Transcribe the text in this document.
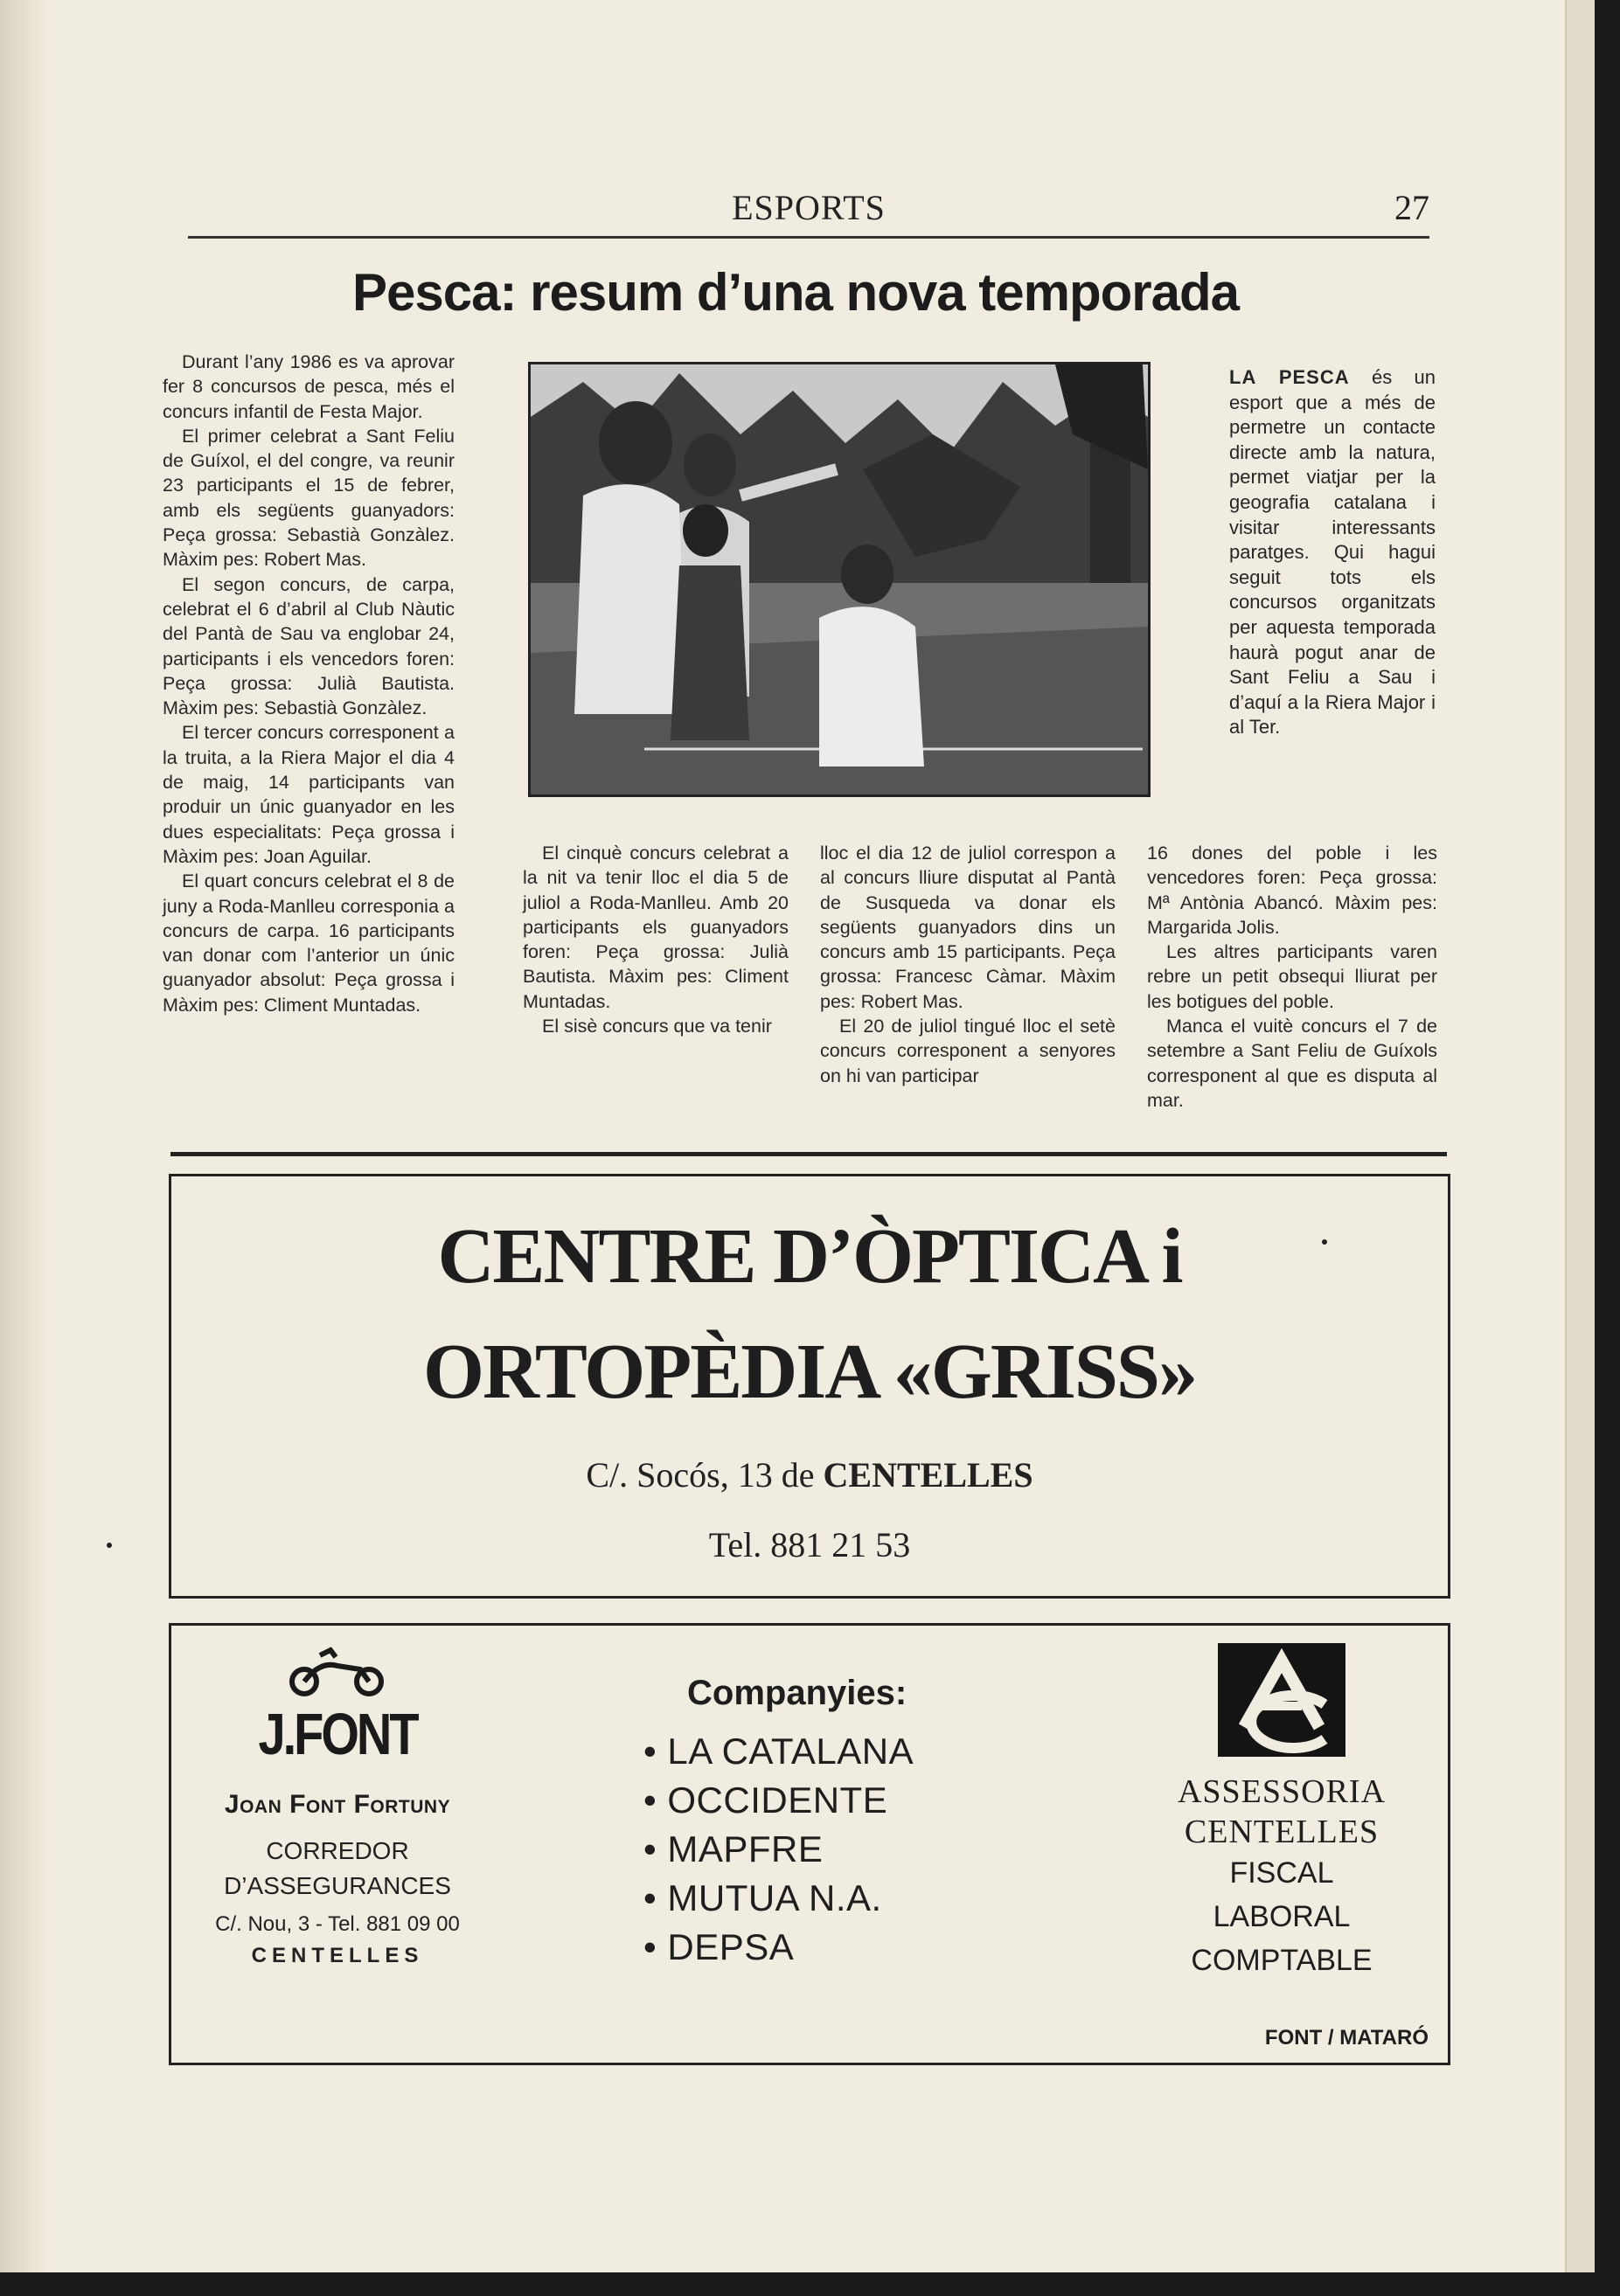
ESPORTS	27
Pesca: resum d’una nova temporada

Durant l’any 1986 es va aprovar fer 8 concursos de pesca, més el concurs infantil de Festa Major.

El primer celebrat a Sant Feliu de Guíxol, el del congre, va reunir 23 participants el 15 de febrer, amb els següents guanyadors: Peça grossa: Sebastià Gonzàlez. Màxim pes: Robert Mas.

El segon concurs, de carpa, celebrat el 6 d’abril al Club Nàutic del Pantà de Sau va englobar 24, participants i els vencedors foren: Peça grossa: Julià Bautista. Màxim pes: Sebastià Gonzàlez.

El tercer concurs corresponent a la truita, a la Riera Major el dia 4 de maig, 14 participants van produir un únic guanyador en les dues especialitats: Peça grossa i Màxim pes: Joan Aguilar.

El quart concurs celebrat el 8 de juny a Roda-Manlleu corresponia a concurs de carpa. 16 participants van donar com l’anterior un únic guanyador absolut: Peça grossa i Màxim pes: Climent Muntadas.

LA PESCA és un esport que a més de permetre un contacte directe amb la natura, permet viatjar per la geografia catalana i visitar interessants paratges. Qui hagui seguit tots els concursos organitzats per aquesta temporada haurà pogut anar de Sant Feliu a Sau i d’aquí a la Riera Major i al Ter.

El cinquè concurs celebrat a la nit va tenir lloc el dia 5 de juliol a Roda-Manlleu. Amb 20 participants els guanyadors foren: Peça grossa: Julià Bautista. Màxim pes: Climent Muntadas.

El sisè concurs que va tenir

lloc el dia 12 de juliol correspon a al concurs lliure disputat al Pantà de Susqueda va donar els següents guanyadors dins un concurs amb 15 participants. Peça grossa: Francesc Càmar. Màxim pes: Robert Mas.

El 20 de juliol tingué lloc el setè concurs corresponent a senyores on hi van participar

16 dones del poble i les vencedores foren: Peça grossa: Mª Antònia Abancó. Màxim pes: Margarida Jolis.

Les altres participants varen rebre un petit obsequi lliurat per les botigues del poble.

Manca el vuitè concurs el 7 de setembre a Sant Feliu de Guíxols corresponent al que es disputa al mar.

CENTRE D’ÒPTICA i
ORTOPÈDIA «GRISS»
C/. Socós, 13 de CENTELLES
Tel. 881 21 53
J.FONT
Joan Font Fortuny
CORREDOR
D’ASSEGURANCES
C/. Nou, 3 - Tel. 881 09 00
CENTELLES
Companyies:
• LA CATALANA
• OCCIDENTE
• MAPFRE
• MUTUA N.A.
• DEPSA
ASSESSORIA
CENTELLES
FISCAL
LABORAL
COMPTABLE
FONT / MATARÓ
